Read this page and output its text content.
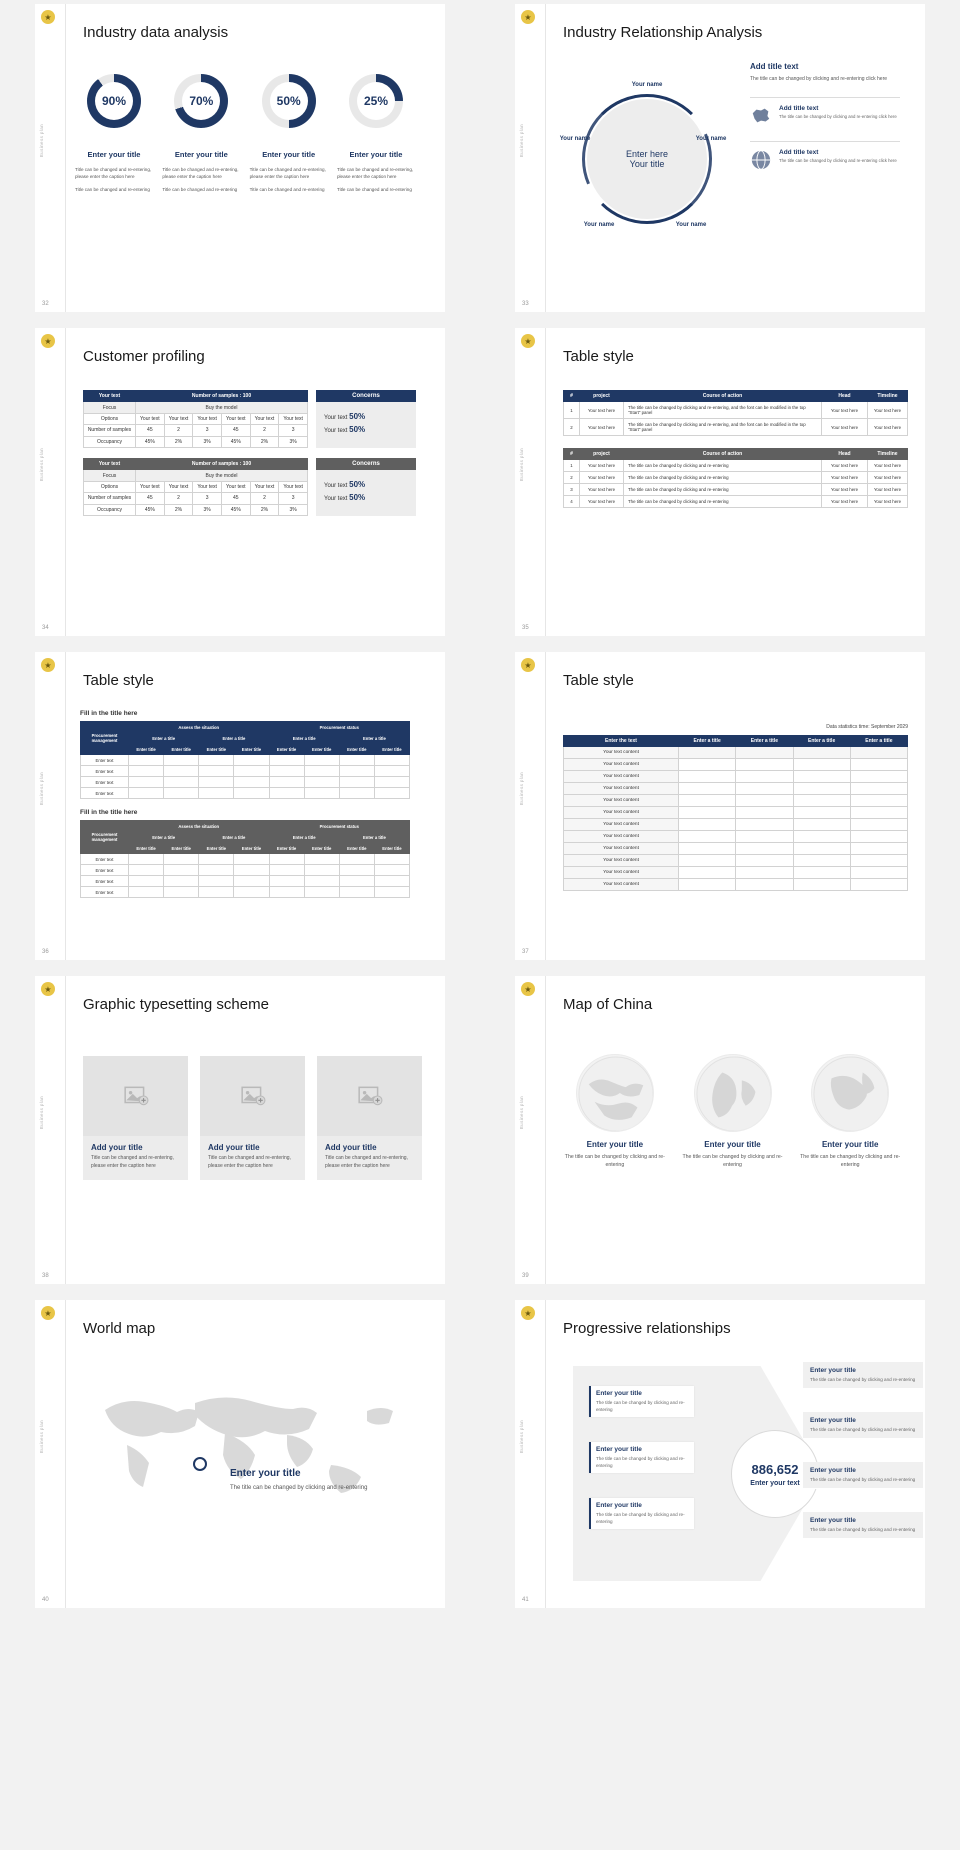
★
Business plan
Industry data analysis
90%
Enter your title
Title can be changed and re-entering, please enter the caption here
Title can be changed and re-entering
70%
Enter your title
Title can be changed and re-entering, please enter the caption here
Title can be changed and re-entering
50%
Enter your title
Title can be changed and re-entering, please enter the caption here
Title can be changed and re-entering
25%
Enter your title
Title can be changed and re-entering, please enter the caption here
Title can be changed and re-entering
32
★
Business plan
Industry Relationship Analysis
Enter here
Your title
Your name
Your name	Your name
Your name	Your name
Add title text
The title can be changed by clicking and re-entering click here
Add title text
The title can be changed by clicking and re-entering click here
Add title text
The title can be changed by clicking and re-entering click here
33
★
Business plan
Customer profiling
Your text	Number of samples : 100					
Focus	Buy the model					
Options	Your text	Your text	Your text	Your text	Your text	Your text
Number of samples	45	2	3	45	2	3
Occupancy	45%	2%	3%	45%	2%	3%
Concerns
Your text 50%
Your text 50%
Your text	Number of samples : 100					
Focus	Buy the model					
Options	Your text	Your text	Your text	Your text	Your text	Your text
Number of samples	45	2	3	45	2	3
Occupancy	45%	2%	3%	45%	2%	3%
Concerns
Your text 50%
Your text 50%
34
★
Business plan
Table style
#	project	Course of action	Head	Timeline
1	Your text here	The title can be changed by clicking and re-entering, and the font can be modified in the top "Start" panel	Your text here	Your text here
2	Your text here	The title can be changed by clicking and re-entering, and the font can be modified in the top "Start" panel	Your text here	Your text here
#	project	Course of action	Head	Timeline
1	Your text here	The title can be changed by clicking and re-entering	Your text here	Your text here
2	Your text here	The title can be changed by clicking and re-entering	Your text here	Your text here
3	Your text here	The title can be changed by clicking and re-entering	Your text here	Your text here
4	Your text here	The title can be changed by clicking and re-entering	Your text here	Your text here
35
★
Business plan
Table style
Fill in the title here
Procurement management	Assess the situation				Procurement status			
	Enter a title		Enter a title		Enter a title		Enter a title	
	Enter title	Enter title	Enter title	Enter title	Enter title	Enter title	Enter title	Enter title
Enter text								
Enter text								
Enter text								
Enter text								
Fill in the title here
Procurement management	Assess the situation				Procurement status			
	Enter a title		Enter a title		Enter a title		Enter a title	
	Enter title	Enter title	Enter title	Enter title	Enter title	Enter title	Enter title	Enter title
Enter text								
Enter text								
Enter text								
Enter text								
36
★
Business plan
Table style
Data statistics time: September 2029
Enter the text	Enter a title	Enter a title	Enter a title	Enter a title
Your text content				
Your text content				
Your text content				
Your text content				
Your text content				
Your text content				
Your text content				
Your text content				
Your text content				
Your text content				
Your text content				
Your text content				
37
★
Business plan
Graphic typesetting scheme
Add your title
Title can be changed and re-entering, please enter the caption here
Add your title
Title can be changed and re-entering, please enter the caption here
Add your title
Title can be changed and re-entering, please enter the caption here
38
★
Business plan
Map of China
Enter your title
The title can be changed by clicking and re-entering
Enter your title
The title can be changed by clicking and re-entering
Enter your title
The title can be changed by clicking and re-entering
39
★
Business plan
World map
Enter your title
The title can be changed by clicking and re-entering
40
★
Business plan
Progressive relationships
Enter your title
The title can be changed by clicking and re-entering
Enter your title
The title can be changed by clicking and re-entering
Enter your title
The title can be changed by clicking and re-entering
886,652
Enter your text
Enter your title
The title can be changed by clicking and re-entering
Enter your title
The title can be changed by clicking and re-entering
Enter your title
The title can be changed by clicking and re-entering
Enter your title
The title can be changed by clicking and re-entering
41
